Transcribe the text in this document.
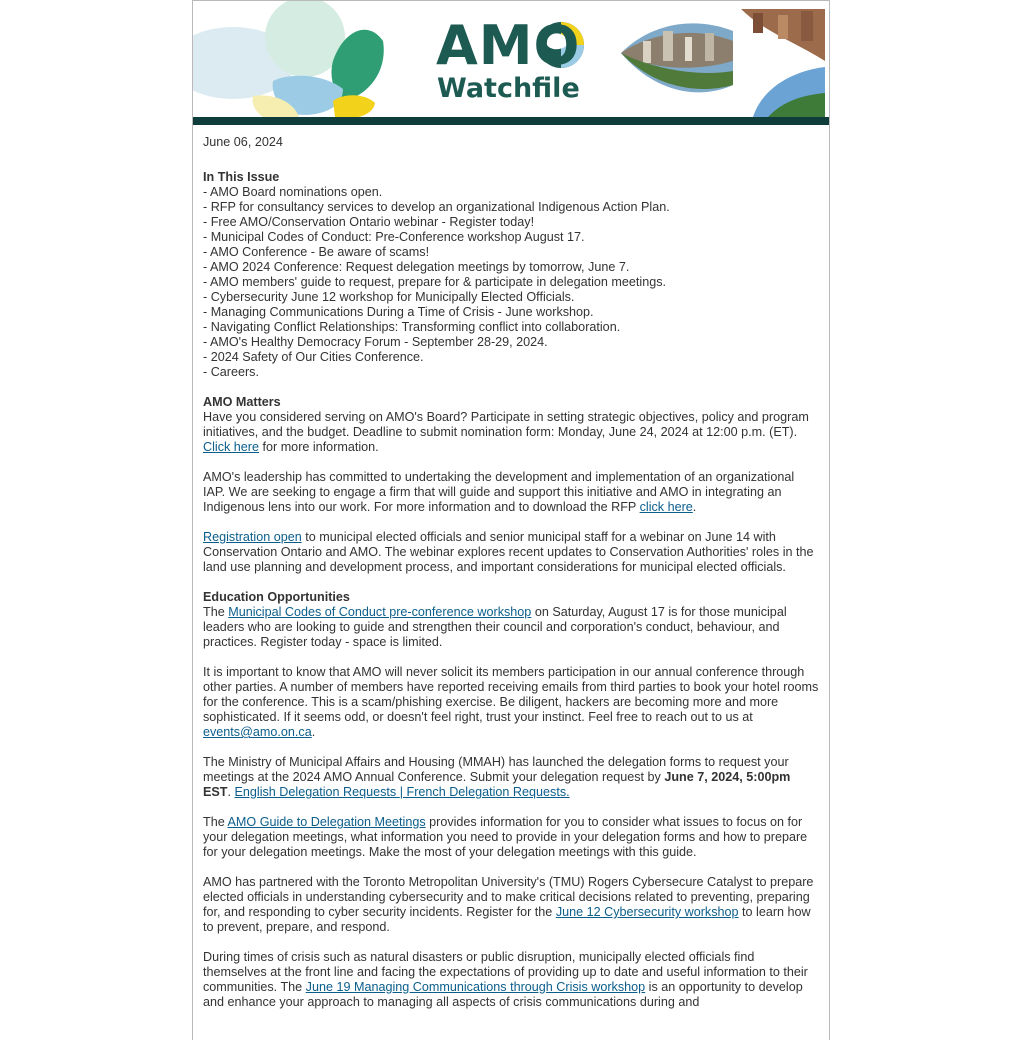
AMO
Watchfile
June 06, 2024
In This Issue
- AMO Board nominations open.
- RFP for consultancy services to develop an organizational Indigenous Action Plan.
- Free AMO/Conservation Ontario webinar - Register today!
- Municipal Codes of Conduct: Pre-Conference workshop August 17.
- AMO Conference - Be aware of scams!
- AMO 2024 Conference: Request delegation meetings by tomorrow, June 7.
- AMO members' guide to request, prepare for & participate in delegation meetings.
- Cybersecurity June 12 workshop for Municipally Elected Officials.
- Managing Communications During a Time of Crisis - June workshop.
- Navigating Conflict Relationships: Transforming conflict into collaboration.
- AMO's Healthy Democracy Forum - September 28-29, 2024.
- 2024 Safety of Our Cities Conference.
- Careers.
AMO Matters
Have you considered serving on AMO's Board? Participate in setting strategic objectives, policy and program initiatives, and the budget. Deadline to submit nomination form: Monday, June 24, 2024 at 12:00 p.m. (ET). Click here for more information.
AMO's leadership has committed to undertaking the development and implementation of an organizational IAP. We are seeking to engage a firm that will guide and support this initiative and AMO in integrating an Indigenous lens into our work. For more information and to download the RFP click here.
Registration open to municipal elected officials and senior municipal staff for a webinar on June 14 with Conservation Ontario and AMO. The webinar explores recent updates to Conservation Authorities' roles in the land use planning and development process, and important considerations for municipal elected officials.
Education Opportunities
The Municipal Codes of Conduct pre-conference workshop on Saturday, August 17 is for those municipal leaders who are looking to guide and strengthen their council and corporation's conduct, behaviour, and practices. Register today - space is limited.
It is important to know that AMO will never solicit its members participation in our annual conference through other parties. A number of members have reported receiving emails from third parties to book your hotel rooms for the conference. This is a scam/phishing exercise. Be diligent, hackers are becoming more and more sophisticated. If it seems odd, or doesn't feel right, trust your instinct. Feel free to reach out to us at events@amo.on.ca.
The Ministry of Municipal Affairs and Housing (MMAH) has launched the delegation forms to request your meetings at the 2024 AMO Annual Conference. Submit your delegation request by June 7, 2024, 5:00pm EST. English Delegation Requests | French Delegation Requests.
The AMO Guide to Delegation Meetings provides information for you to consider what issues to focus on for your delegation meetings, what information you need to provide in your delegation forms and how to prepare for your delegation meetings. Make the most of your delegation meetings with this guide.
AMO has partnered with the Toronto Metropolitan University's (TMU) Rogers Cybersecure Catalyst to prepare elected officials in understanding cybersecurity and to make critical decisions related to preventing, preparing for, and responding to cyber security incidents. Register for the June 12 Cybersecurity workshop to learn how to prevent, prepare, and respond.
During times of crisis such as natural disasters or public disruption, municipally elected officials find themselves at the front line and facing the expectations of providing up to date and useful information to their communities. The June 19 Managing Communications through Crisis workshop is an opportunity to develop and enhance your approach to managing all aspects of crisis communications during and
